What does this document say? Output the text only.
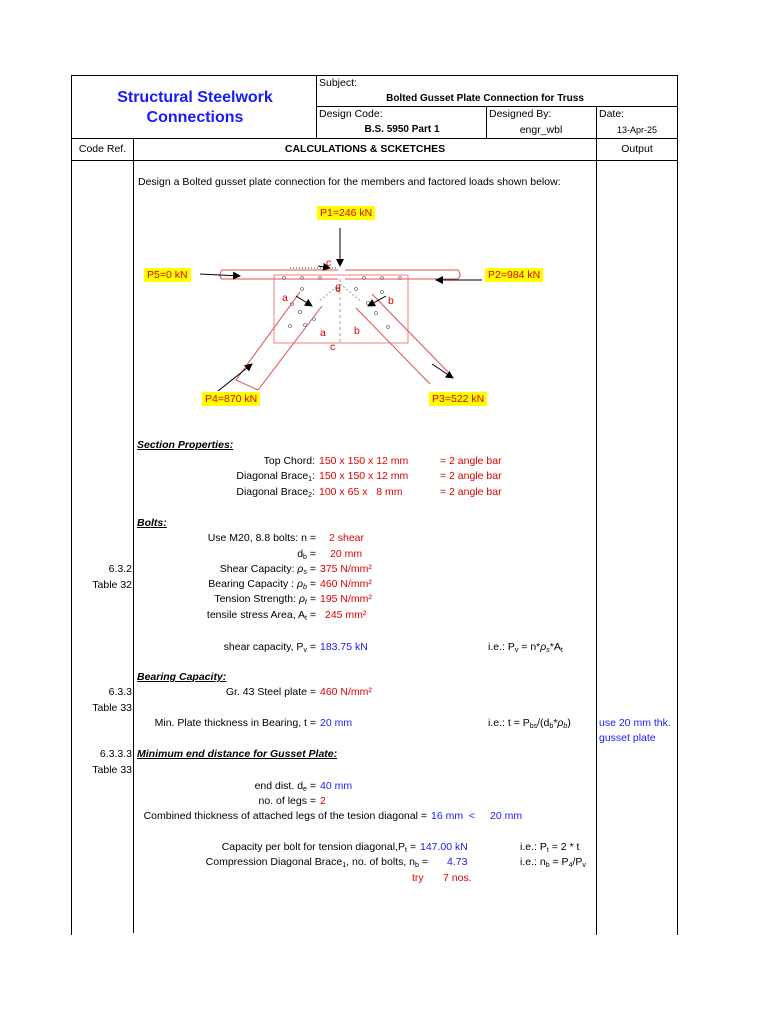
Structural Steelwork
Connections
Subject:
Bolted Gusset Plate Connection for Truss
Design Code:
B.S. 5950 Part 1
Designed By:
engr_wbl
Date:
13-Apr-25
Code Ref.	CALCULATIONS & SCKETCHES	Output
Design a Bolted gusset plate connection for the members and factored loads shown below:
P1=246 kN
P5=0 kN	P2=984 kN
P4=870 kN	P3=522 kN
c
θ
a	b
a	b
c
Section Properties:
Top Chord: 150 x 150 x 12 mm	= 2 angle bar
Diagonal Brace$_1$: 150 x 150 x 12 mm	= 2 angle bar
Diagonal Brace$_2$: 100 x 65 x   8 mm	= 2 angle bar
Bolts:
Use M20, 8.8 bolts: n = 2 shear
$d_b = 20$ mm
6.3.2
Table 32
Shear Capacity: $\rho_s = 375$ N/mm²
Bearing Capacity : $\rho_b = 460$ N/mm²
Tension Strength: $\rho_t = 195$ N/mm²
tensile stress Area, $A_t = 245$ mm²
shear capacity, $P_v = 183.75$ kN	i.e.: $P_v = n*\rho_s*A_t$
Bearing Capacity:
6.3.3
Table 33
Gr. 43 Steel plate = 460 N/mm²
Min. Plate thickness in Bearing, t = 20 mm	i.e.: $t = P_{bs}/(d_b*\rho_b)$	use 20 mm thk.
gusset plate
6.3.3.3
Table 33
Minimum end distance for Gusset Plate:
end dist. $d_e = 40$ mm
no. of legs = 2
Combined thickness of attached legs of the tesion diagonal = 16 mm  < 20 mm
Capacity per bolt for tension $diagonal,P_t = 147.00$ kN	i.e.: $P_t = 2 * t$
Compression Diagonal Brace$_1$, no. of bolts, $n_b = 4.73$	i.e.: $n_b = P_4/P_v$
try 7 nos.
